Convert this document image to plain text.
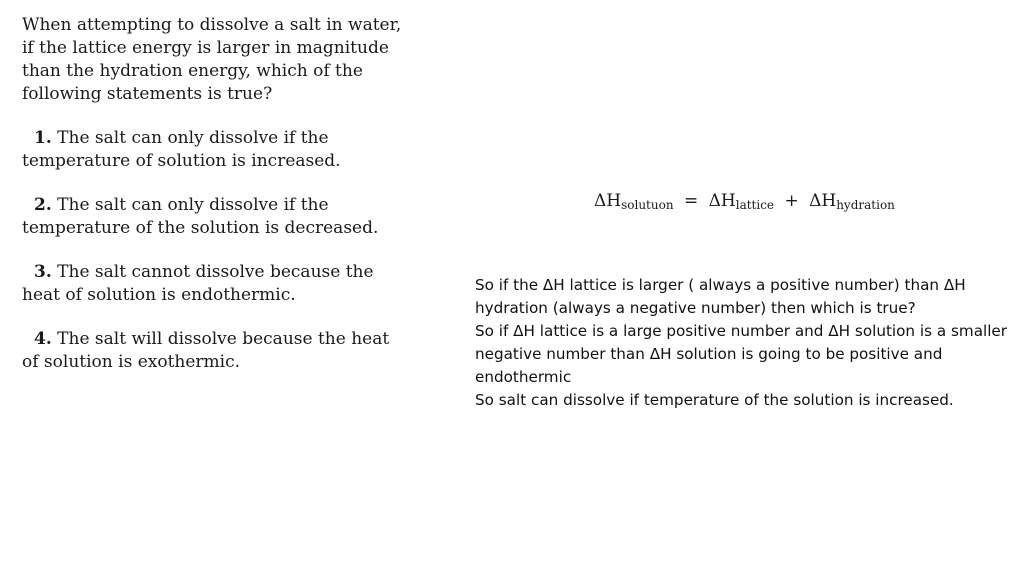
When attempting to dissolve a salt in water, if the lattice energy is larger in magnitude than the hydration energy, which of the following statements is true?

1. The salt can only dissolve if the temperature of solution is increased.

2. The salt can only dissolve if the temperature of the solution is decreased.

3. The salt cannot dissolve because the heat of solution is endothermic.

4. The salt will dissolve because the heat of solution is exothermic.

$\Delta H_{solutuon} = \Delta H_{lattice} + \Delta H_{hydration}$

So if the ΔH lattice is larger ( always a positive number) than ΔH hydration (always a negative number) then which is true?

So if ΔH lattice is a large positive number and ΔH solution is a smaller negative number than ΔH solution is going to be positive and endothermic

So salt can dissolve if temperature of the solution is increased.
